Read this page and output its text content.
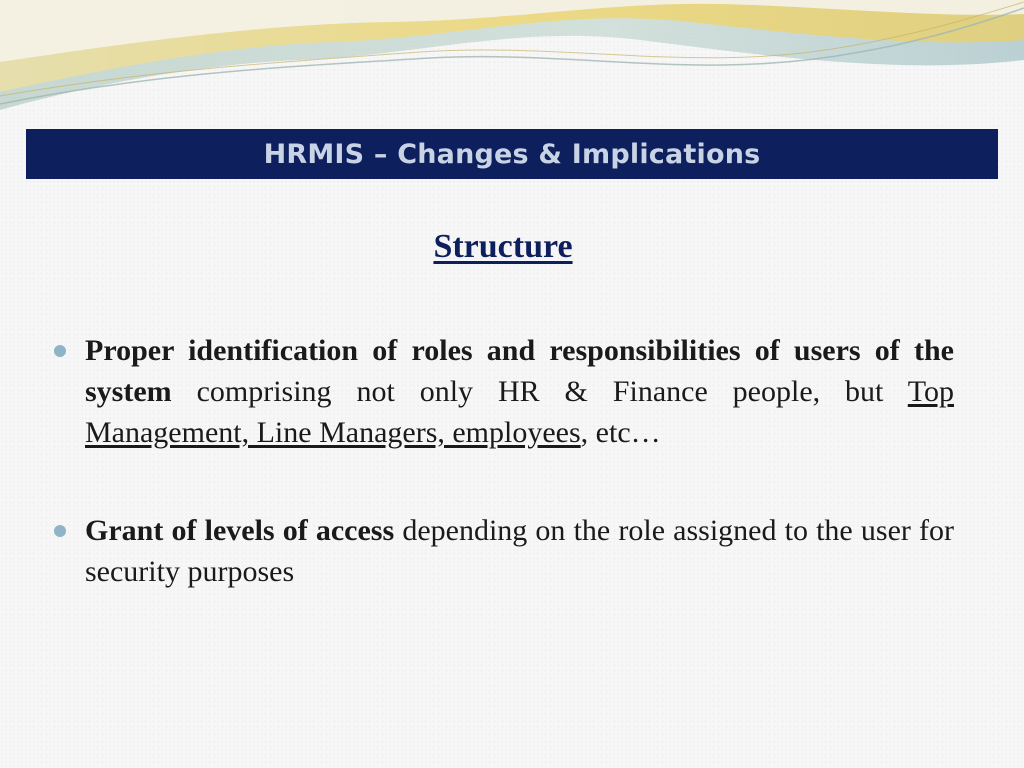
HRMIS – Changes & Implications
Structure
Proper identification of roles and responsibilities of users of the system comprising not only HR & Finance people, but Top Management, Line Managers, employees, etc…
Grant of levels of access depending on the role assigned to the user for security purposes
